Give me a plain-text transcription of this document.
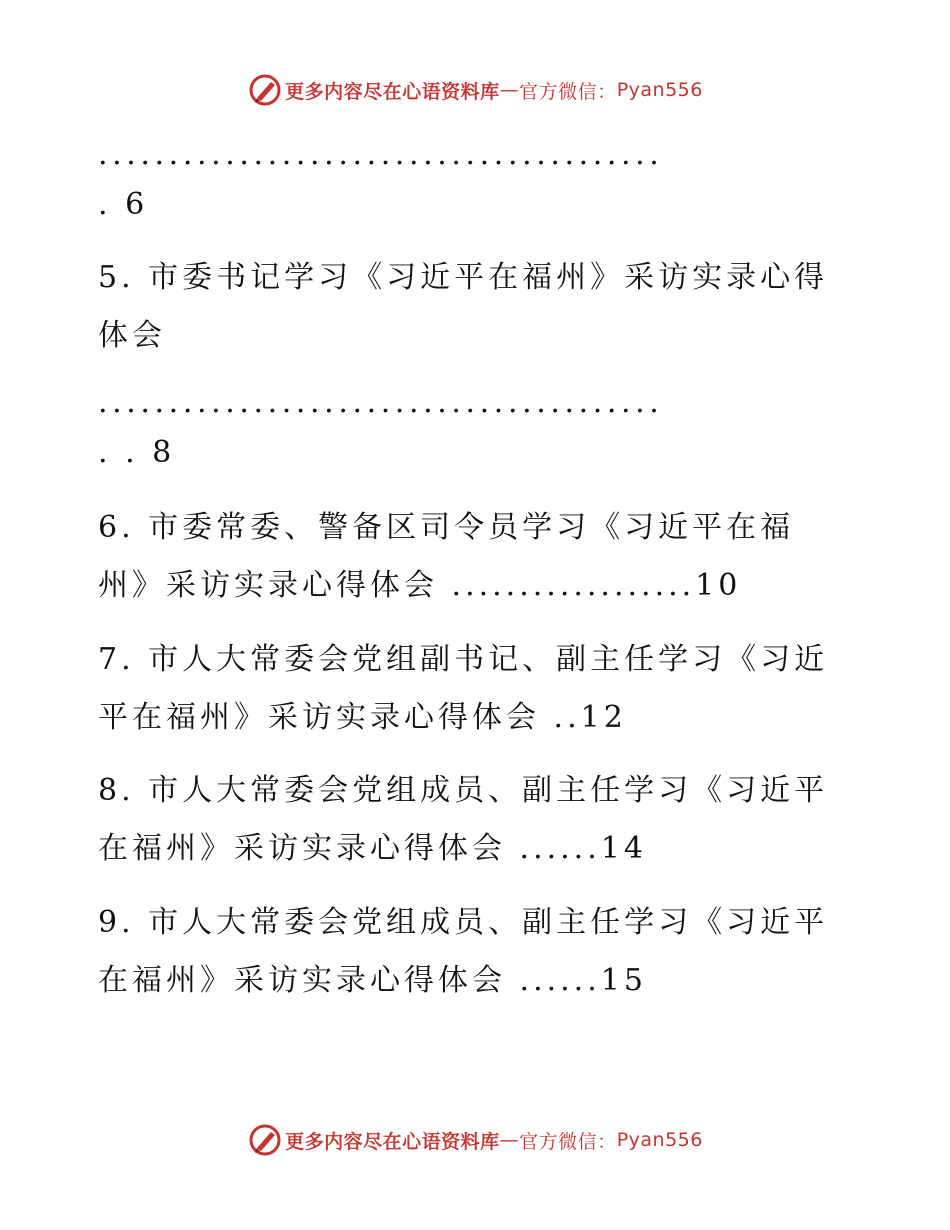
更多内容尽在心语资料库 — 官方微信： Pyan556
........................................
. 6
5. 市委书记学习《习近平在福州》采访实录心得
体会
........................................
. . 8
6. 市委常委、警备区司令员学习《习近平在福
州》采访实录心得体会 ..................10
7. 市人大常委会党组副书记、副主任学习《习近
平在福州》采访实录心得体会 ..12
8. 市人大常委会党组成员、副主任学习《习近平
在福州》采访实录心得体会 ......14
9. 市人大常委会党组成员、副主任学习《习近平
在福州》采访实录心得体会 ......15
更多内容尽在心语资料库 — 官方微信： Pyan556
